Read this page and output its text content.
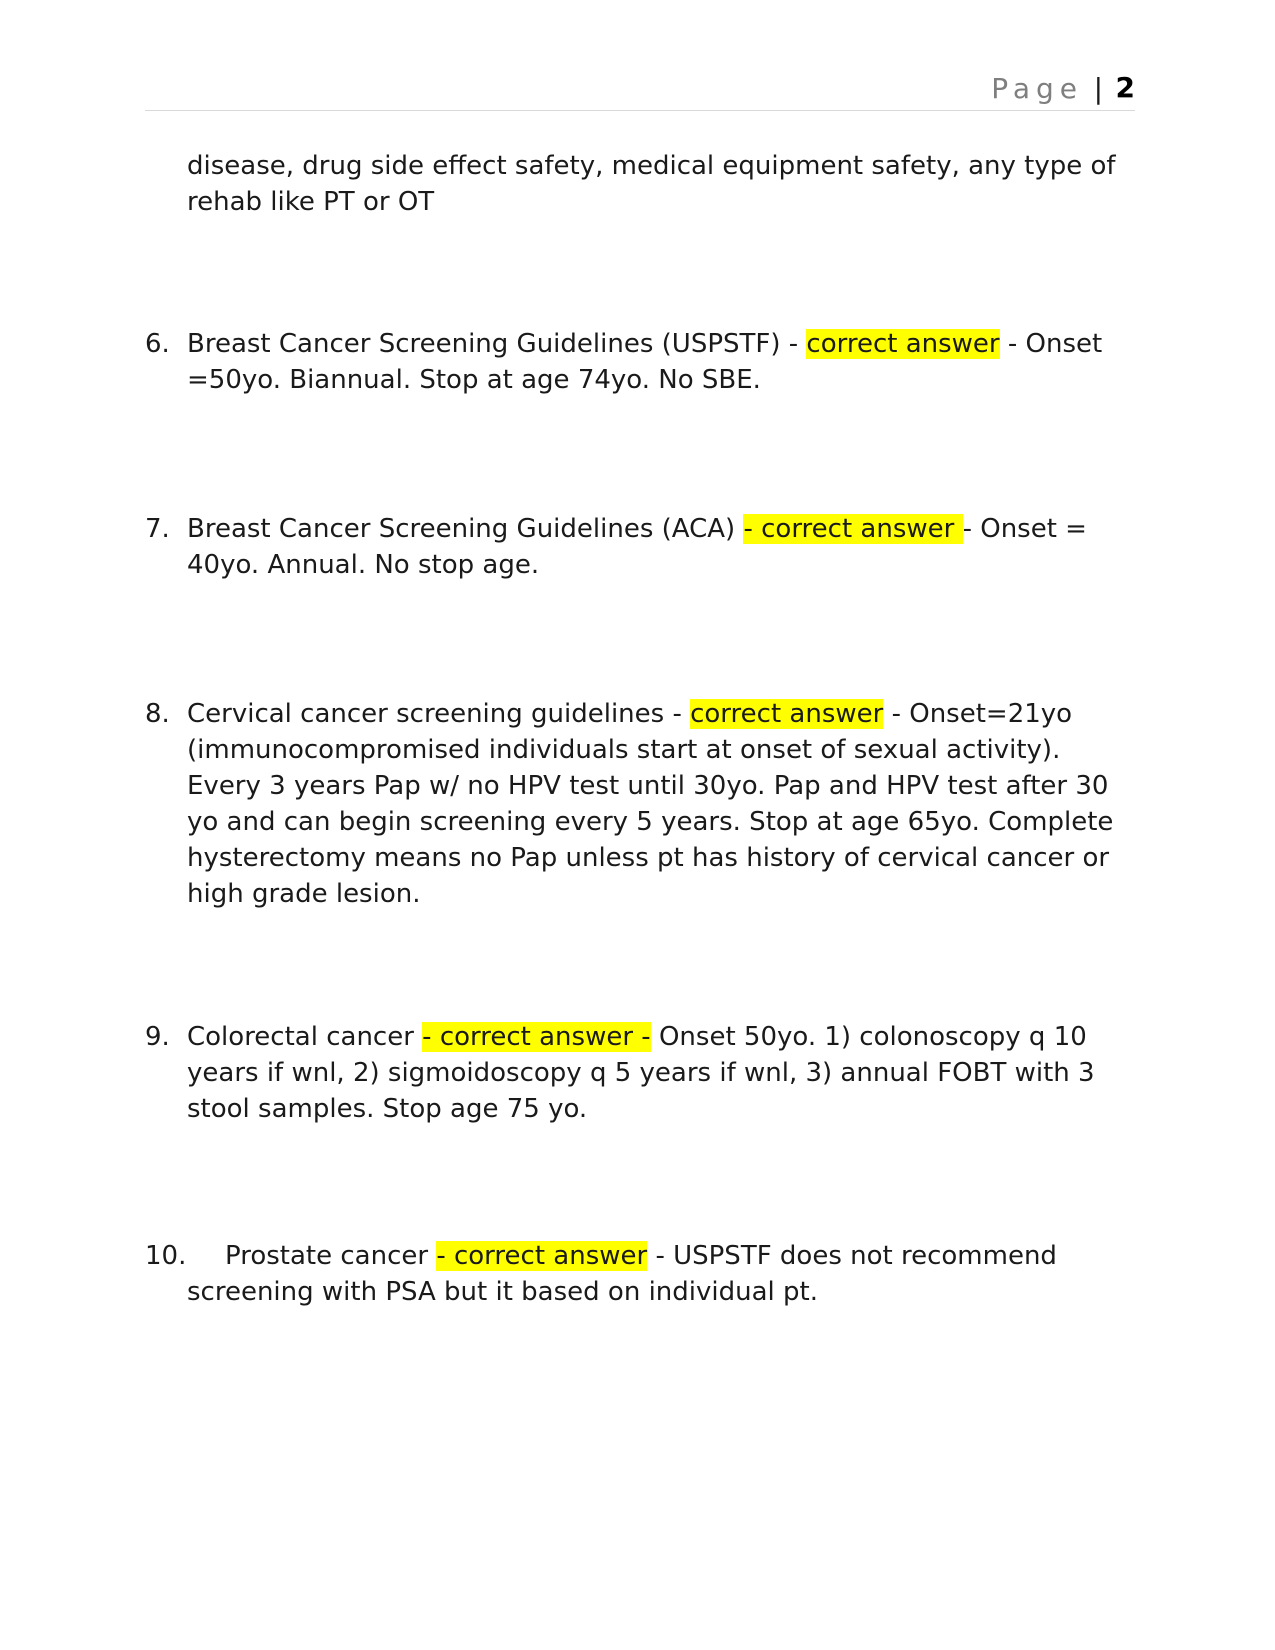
Page | 2
disease, drug side effect safety, medical equipment safety, any type of rehab like PT or OT
6. Breast Cancer Screening Guidelines (USPSTF) - correct answer - Onset =50yo. Biannual. Stop at age 74yo. No SBE.
7. Breast Cancer Screening Guidelines (ACA) - correct answer - Onset = 40yo. Annual. No stop age.
8. Cervical cancer screening guidelines - correct answer - Onset=21yo (immunocompromised individuals start at onset of sexual activity). Every 3 years Pap w/ no HPV test until 30yo. Pap and HPV test after 30 yo and can begin screening every 5 years. Stop at age 65yo. Complete hysterectomy means no Pap unless pt has history of cervical cancer or high grade lesion.
9. Colorectal cancer - correct answer - Onset 50yo. 1) colonoscopy q 10 years if wnl, 2) sigmoidoscopy q 5 years if wnl, 3) annual FOBT with 3 stool samples. Stop age 75 yo.
10.	Prostate cancer - correct answer - USPSTF does not recommend
screening with PSA but it based on individual pt.
